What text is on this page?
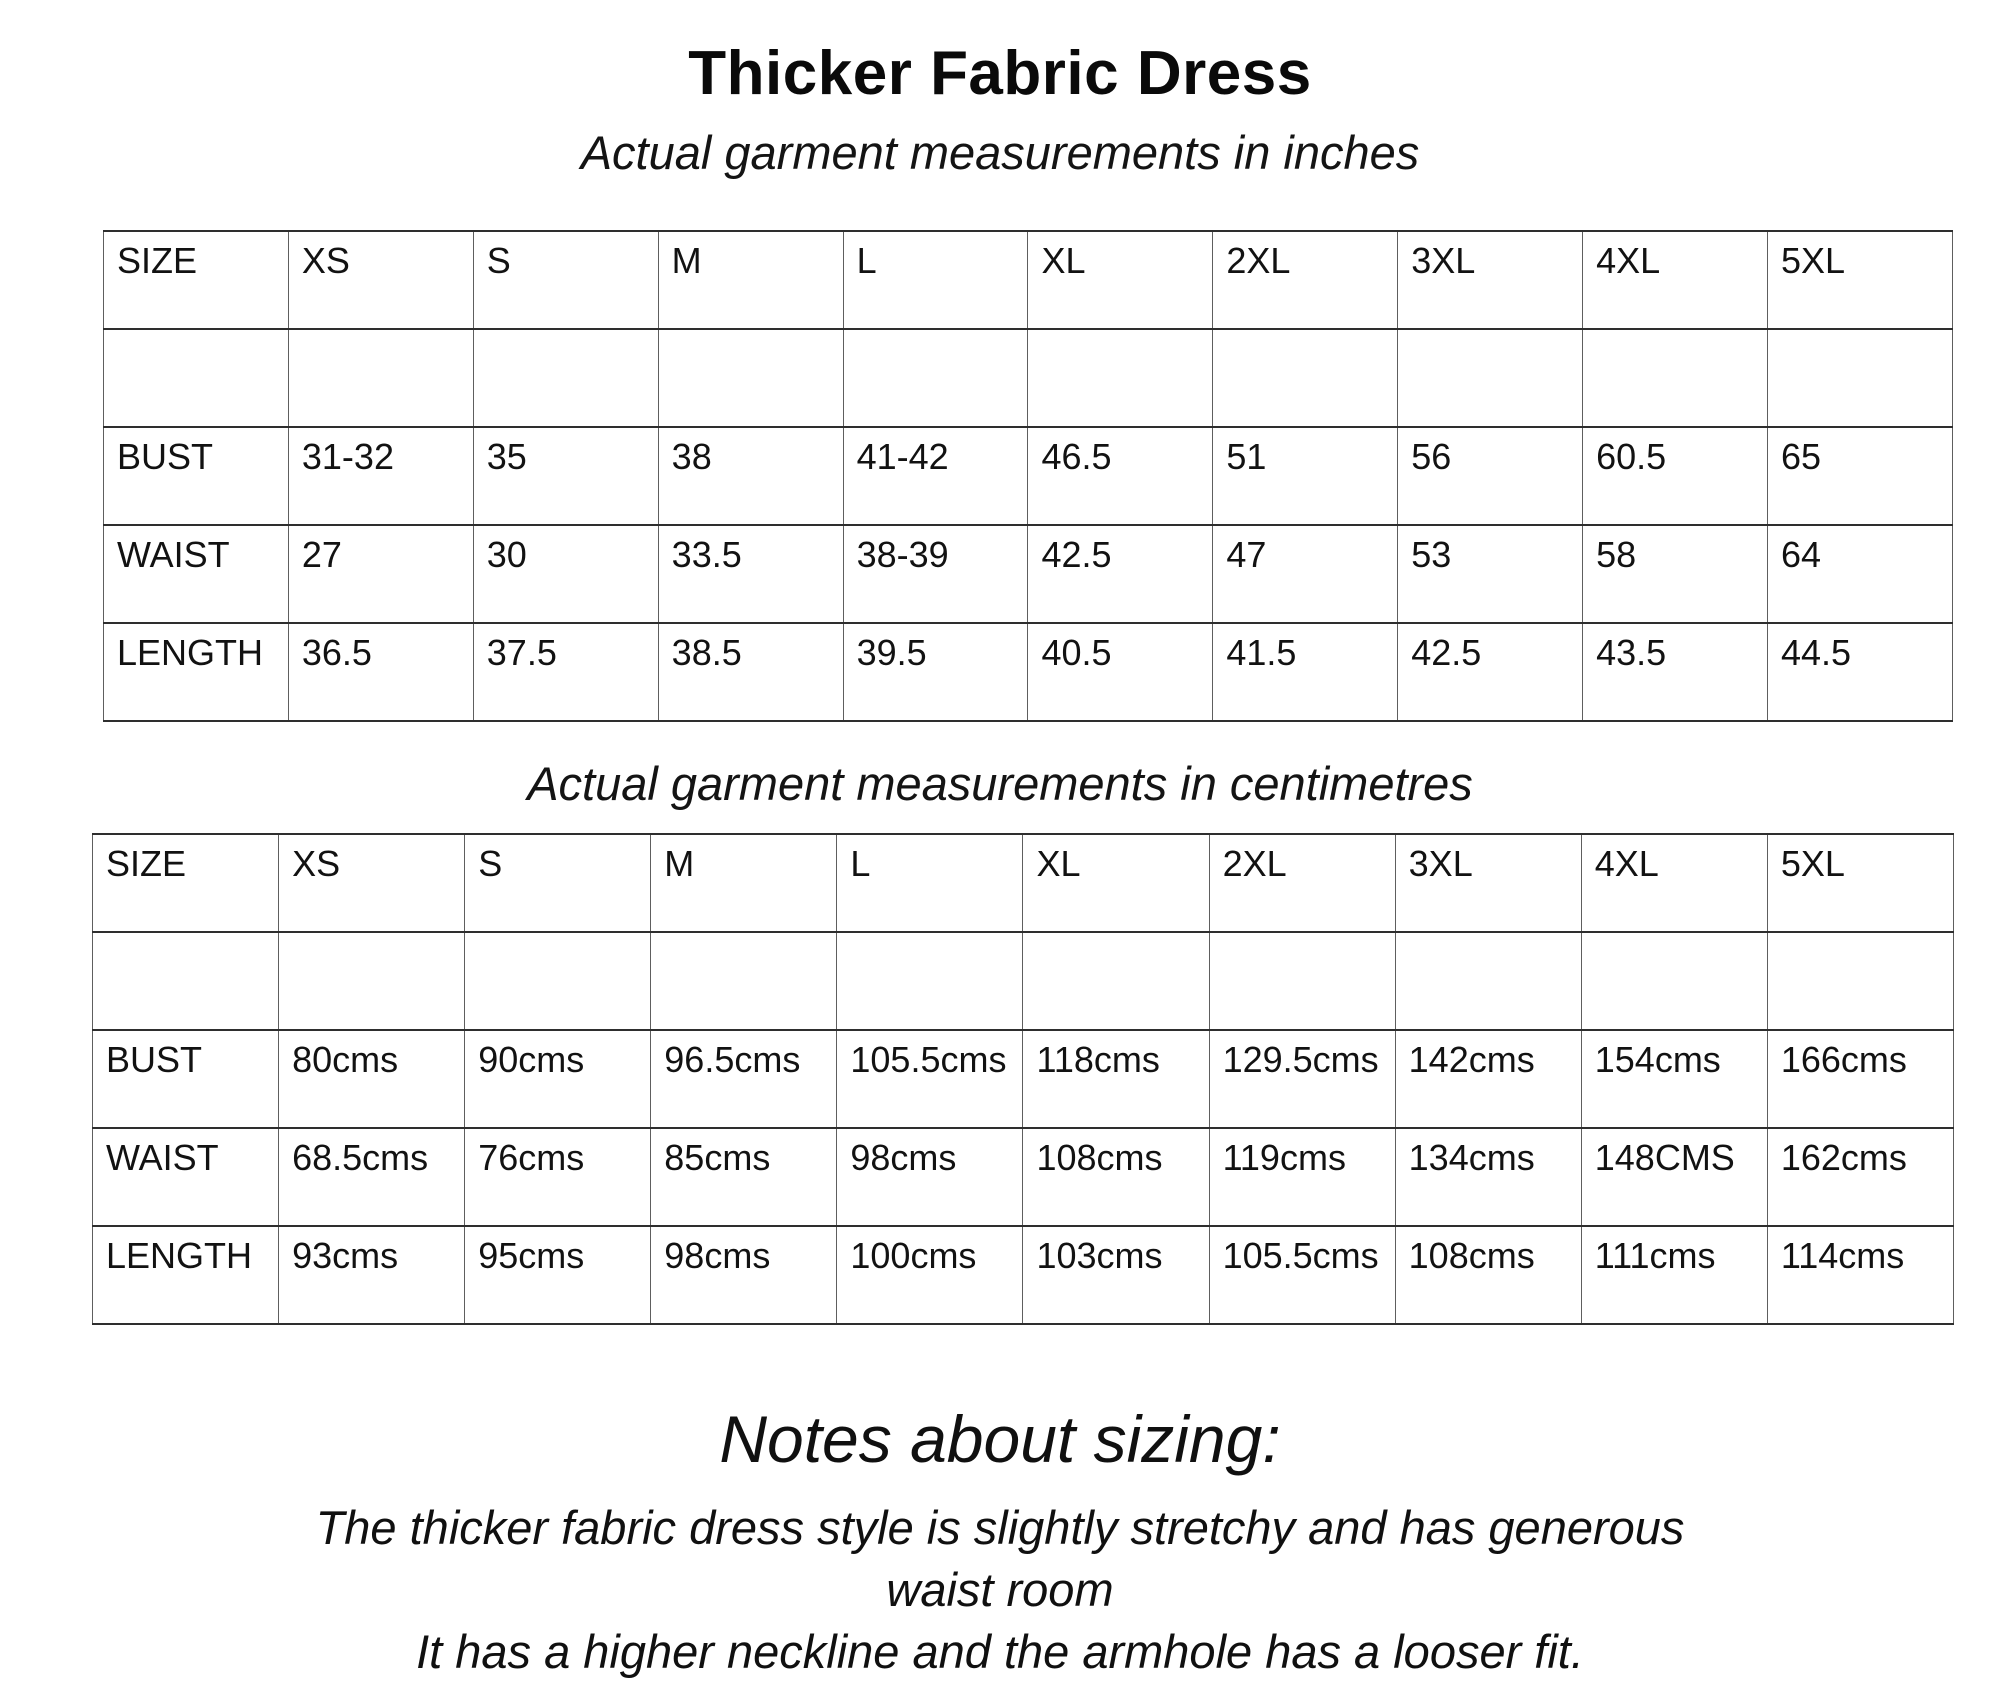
Thicker Fabric Dress
Actual garment measurements in inches
SIZE	XS	S	M	L	XL	2XL	3XL	4XL	5XL

BUST	31-32	35	38	41-42	46.5	51	56	60.5	65
WAIST	27	30	33.5	38-39	42.5	47	53	58	64
LENGTH	36.5	37.5	38.5	39.5	40.5	41.5	42.5	43.5	44.5
Actual garment measurements in centimetres
SIZE	XS	S	M	L	XL	2XL	3XL	4XL	5XL

BUST	80cms	90cms	96.5cms	105.5cms	118cms	129.5cms	142cms	154cms	166cms
WAIST	68.5cms	76cms	85cms	98cms	108cms	119cms	134cms	148CMS	162cms
LENGTH	93cms	95cms	98cms	100cms	103cms	105.5cms	108cms	111cms	114cms
Notes about sizing:
The thicker fabric dress style is slightly stretchy and has generous
waist room
It has a higher neckline and the armhole has a looser fit.
